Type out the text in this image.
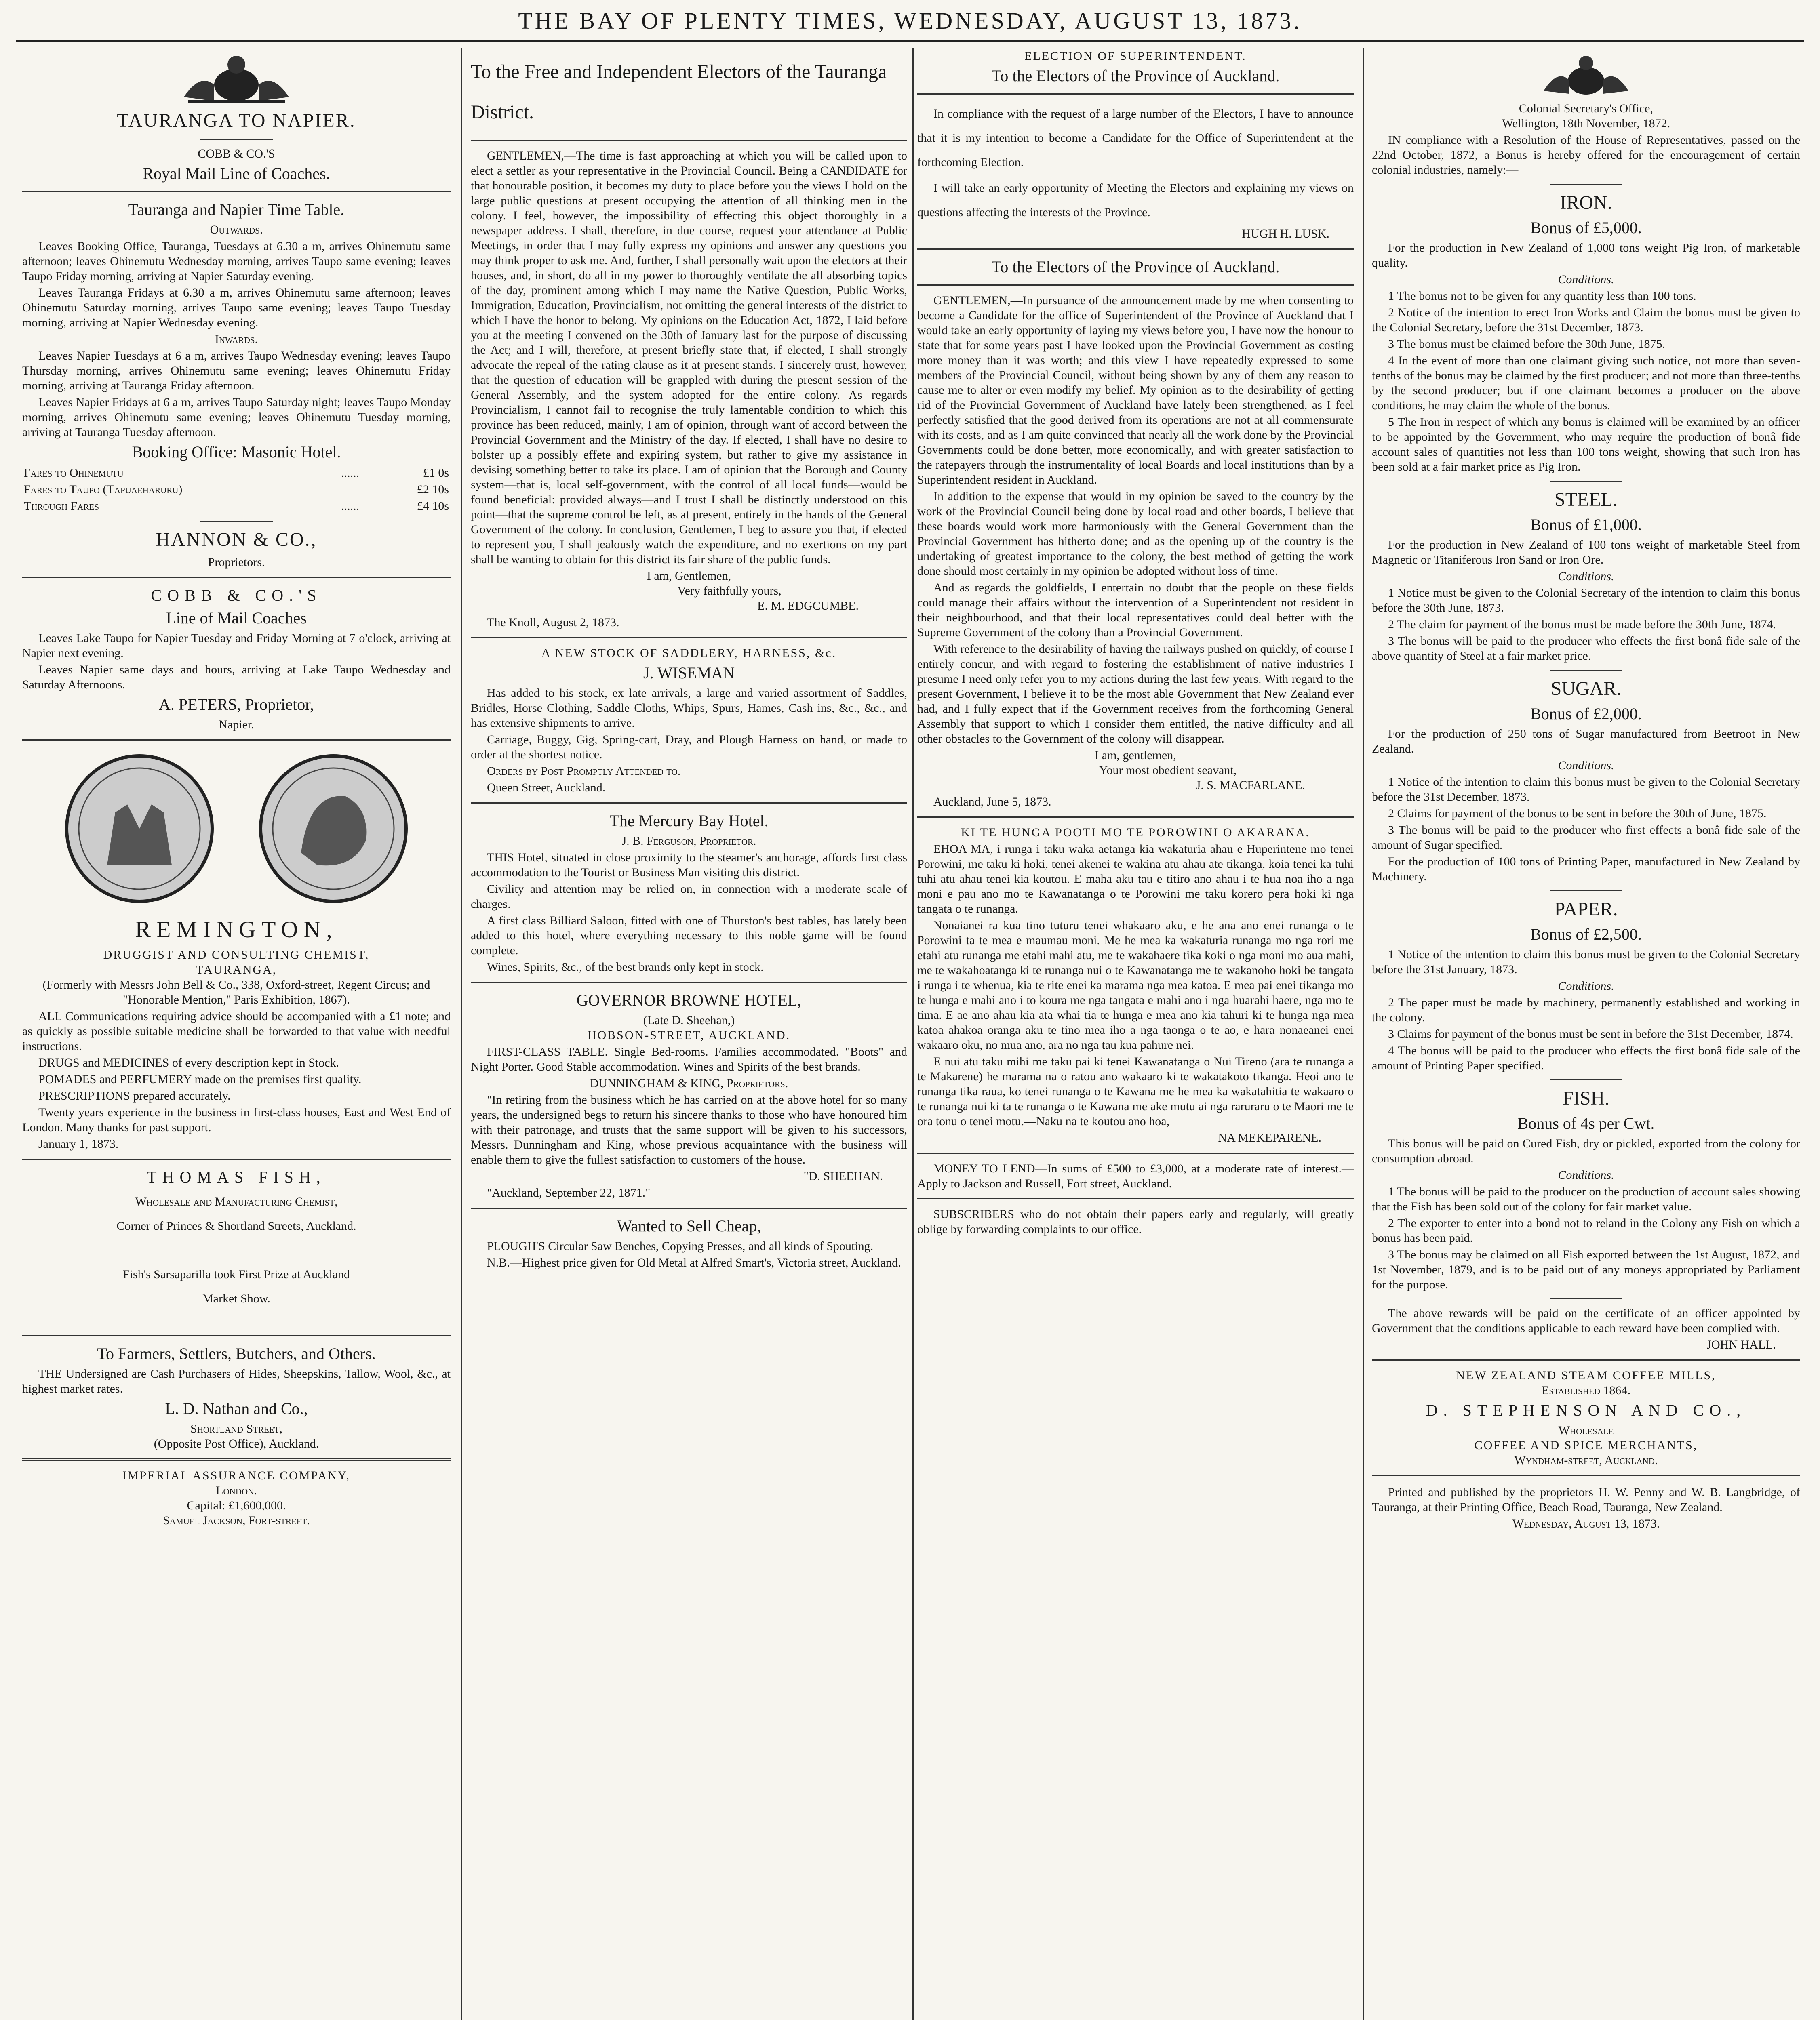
THE BAY OF PLENTY TIMES, WEDNESDAY, AUGUST 13, 1873.
TAURANGA TO NAPIER.
COBB & CO.'S
Royal Mail Line of Coaches.
Tauranga and Napier Time Table.
Outwards.

Leaves Booking Office, Tauranga, Tuesdays at 6.30 a m, arrives Ohinemutu same afternoon; leaves Ohinemutu Wednesday morning, arrives Taupo same evening; leaves Taupo Friday morning, arriving at Napier Saturday evening.

Leaves Tauranga Fridays at 6.30 a m, arrives Ohinemutu same afternoon; leaves Ohinemutu Saturday morning, arrives Taupo same evening; leaves Taupo Tuesday morning, arriving at Napier Wednesday evening.

Inwards.

Leaves Napier Tuesdays at 6 a m, arrives Taupo Wednesday evening; leaves Taupo Thursday morning, arrives Ohinemutu same evening; leaves Ohinemutu Friday morning, arriving at Tauranga Friday afternoon.

Leaves Napier Fridays at 6 a m, arrives Taupo Saturday night; leaves Taupo Monday morning, arrives Ohinemutu same evening; leaves Ohinemutu Tuesday morning, arriving at Tauranga Tuesday afternoon.

Booking Office: Masonic Hotel.
Fares to Ohinemutu	......	£1 0s
Fares to Taupo (Tapuaeharuru)		£2 10s
Through Fares	......	£4 10s
HANNON & CO.,
Proprietors.
COBB & CO.'S
Line of Mail Coaches

Leaves Lake Taupo for Napier Tuesday and Friday Morning at 7 o'clock, arriving at Napier next evening.

Leaves Napier same days and hours, arriving at Lake Taupo Wednesday and Saturday Afternoons.

A. PETERS, Proprietor,
Napier.
REMINGTON,
DRUGGIST AND CONSULTING CHEMIST,
TAURANGA,
(Formerly with Messrs John Bell & Co., 338, Oxford-street, Regent Circus; and "Honorable Mention," Paris Exhibition, 1867).

ALL Communications requiring advice should be accompanied with a £1 note; and as quickly as possible suitable medicine shall be forwarded to that value with needful instructions.

DRUGS and MEDICINES of every description kept in Stock.

POMADES and PERFUMERY made on the premises first quality.

PRESCRIPTIONS prepared accurately.

Twenty years experience in the business in first-class houses, East and West End of London. Many thanks for past support.

January 1, 1873.

THOMAS FISH,
Wholesale and Manufacturing Chemist,
Corner of Princes & Shortland Streets, Auckland.
Fish's Sarsaparilla took First Prize at Auckland
Market Show.
To Farmers, Settlers, Butchers, and Others.

THE Undersigned are Cash Purchasers of Hides, Sheepskins, Tallow, Wool, &c., at highest market rates.

L. D. Nathan and Co.,
Shortland Street,
(Opposite Post Office), Auckland.
IMPERIAL ASSURANCE COMPANY,
London.
Capital: £1,600,000.
Samuel Jackson, Fort-street.
To the Free and Independent Electors of the Tauranga District.

GENTLEMEN,—The time is fast approaching at which you will be called upon to elect a settler as your representative in the Provincial Council. Being a CANDIDATE for that honourable position, it becomes my duty to place before you the views I hold on the large public questions at present occupying the attention of all thinking men in the colony. I feel, however, the impossibility of effecting this object thoroughly in a newspaper address. I shall, therefore, in due course, request your attendance at Public Meetings, in order that I may fully express my opinions and answer any questions you may think proper to ask me. And, further, I shall personally wait upon the electors at their houses, and, in short, do all in my power to thoroughly ventilate the all absorbing topics of the day, prominent among which I may name the Native Question, Public Works, Immigration, Education, Provincialism, not omitting the general interests of the district to which I have the honor to belong. My opinions on the Education Act, 1872, I laid before you at the meeting I convened on the 30th of January last for the purpose of discussing the Act; and I will, therefore, at present briefly state that, if elected, I shall strongly advocate the repeal of the rating clause as it at present stands. I sincerely trust, however, that the question of education will be grappled with during the present session of the General Assembly, and the system adopted for the entire colony. As regards Provincialism, I cannot fail to recognise the truly lamentable condition to which this province has been reduced, mainly, I am of opinion, through want of accord between the Provincial Government and the Ministry of the day. If elected, I shall have no desire to bolster up a possibly effete and expiring system, but rather to give my assistance in devising something better to take its place. I am of opinion that the Borough and County system—that is, local self-government, with the control of all local funds—would be found beneficial: provided always—and I trust I shall be distinctly understood on this point—that the supreme control be left, as at present, entirely in the hands of the General Government of the colony. In conclusion, Gentlemen, I beg to assure you that, if elected to represent you, I shall jealously watch the expenditure, and no exertions on my part shall be wanting to obtain for this district its fair share of the public funds.

I am, Gentlemen,
Very faithfully yours,
E. M. EDGCUMBE.

The Knoll, August 2, 1873.

A NEW STOCK OF SADDLERY, HARNESS, &c.
J. WISEMAN

Has added to his stock, ex late arrivals, a large and varied assortment of Saddles, Bridles, Horse Clothing, Saddle Cloths, Whips, Spurs, Hames, Cash ins, &c., &c., and has extensive shipments to arrive.

Carriage, Buggy, Gig, Spring-cart, Dray, and Plough Harness on hand, or made to order at the shortest notice.

Orders by Post Promptly Attended to.

Queen Street, Auckland.

The Mercury Bay Hotel.
J. B. Ferguson, Proprietor.

THIS Hotel, situated in close proximity to the steamer's anchorage, affords first class accommodation to the Tourist or Business Man visiting this district.

Civility and attention may be relied on, in connection with a moderate scale of charges.

A first class Billiard Saloon, fitted with one of Thurston's best tables, has lately been added to this hotel, where everything necessary to this noble game will be found complete.

Wines, Spirits, &c., of the best brands only kept in stock.

GOVERNOR BROWNE HOTEL,
(Late D. Sheehan,)
HOBSON-STREET, AUCKLAND.

FIRST-CLASS TABLE. Single Bed-rooms. Families accommodated. "Boots" and Night Porter. Good Stable accommodation. Wines and Spirits of the best brands.

DUNNINGHAM & KING, Proprietors.

"In retiring from the business which he has carried on at the above hotel for so many years, the undersigned begs to return his sincere thanks to those who have honoured him with their patronage, and trusts that the same support will be given to his successors, Messrs. Dunningham and King, whose previous acquaintance with the business will enable them to give the fullest satisfaction to customers of the house.

"D. SHEEHAN.

"Auckland, September 22, 1871."

Wanted to Sell Cheap,

PLOUGH'S Circular Saw Benches, Copying Presses, and all kinds of Spouting.

N.B.—Highest price given for Old Metal at Alfred Smart's, Victoria street, Auckland.

ELECTION OF SUPERINTENDENT.
To the Electors of the Province of Auckland.

In compliance with the request of a large number of the Electors, I have to announce that it is my intention to become a Candidate for the Office of Superintendent at the forthcoming Election.

I will take an early opportunity of Meeting the Electors and explaining my views on questions affecting the interests of the Province.

HUGH H. LUSK.
To the Electors of the Province of Auckland.

GENTLEMEN,—In pursuance of the announcement made by me when consenting to become a Candidate for the office of Superintendent of the Province of Auckland that I would take an early opportunity of laying my views before you, I have now the honour to state that for some years past I have looked upon the Provincial Government as costing more money than it was worth; and this view I have repeatedly expressed to some members of the Provincial Council, without being shown by any of them any reason to cause me to alter or even modify my belief. My opinion as to the desirability of getting rid of the Provincial Government of Auckland have lately been strengthened, as I feel perfectly satisfied that the good derived from its operations are not at all commensurate with its costs, and as I am quite convinced that nearly all the work done by the Provincial Governments could be done better, more economically, and with greater satisfaction to the ratepayers through the instrumentality of local Boards and local institutions than by a Superintendent resident in Auckland.

In addition to the expense that would in my opinion be saved to the country by the work of the Provincial Council being done by local road and other boards, I believe that these boards would work more harmoniously with the General Government than the Provincial Government has hitherto done; and as the opening up of the country is the undertaking of greatest importance to the colony, the best method of getting the work done should most certainly in my opinion be adopted without loss of time.

And as regards the goldfields, I entertain no doubt that the people on these fields could manage their affairs without the intervention of a Superintendent not resident in their neighbourhood, and that their local representatives could deal better with the Supreme Government of the colony than a Provincial Government.

With reference to the desirability of having the railways pushed on quickly, of course I entirely concur, and with regard to fostering the establishment of native industries I presume I need only refer you to my actions during the last few years. With regard to the present Government, I believe it to be the most able Government that New Zealand ever had, and I fully expect that if the Government receives from the forthcoming General Assembly that support to which I consider them entitled, the native difficulty and all other obstacles to the Government of the colony will disappear.

I am, gentlemen,
Your most obedient seavant,
J. S. MACFARLANE.

Auckland, June 5, 1873.

KI TE HUNGA POOTI MO TE POROWINI O AKARANA.

EHOA MA, i runga i taku waka aetanga kia wakaturia ahau e Huperintene mo tenei Porowini, me taku ki hoki, tenei akenei te wakina atu ahau ate tikanga, koia tenei ka tuhi tuhi atu ahau tenei kia koutou. E maha aku tau e titiro ano ahau i te hua noa iho a nga moni e pau ano mo te Kawanatanga o te Porowini me taku korero pera hoki ki nga tangata o te runanga.

Nonaianei ra kua tino tuturu tenei whakaaro aku, e he ana ano enei runanga o te Porowini ta te mea e maumau moni. Me he mea ka wakaturia runanga mo nga rori me etahi atu runanga me etahi mahi atu, me te wakahaere tika koki o nga moni mo aua mahi, me te wakahoatanga ki te runanga nui o te Kawanatanga me te wakanoho hoki be tangata i runga i te whenua, kia te rite enei ka marama nga mea katoa. E mea pai enei tikanga mo te hunga e mahi ano i to koura me nga tangata e mahi ano i nga huarahi haere, nga mo te tima. E ae ano ahau kia ata whai tia te hunga e mea ano kia tahuri ki te hunga nga mea katoa ahakoa oranga aku te tino mea iho a nga taonga o te ao, e hara nonaeanei enei wakaaro oku, no mua ano, ara no nga tau kua pahure nei.

E nui atu taku mihi me taku pai ki tenei Kawanatanga o Nui Tireno (ara te runanga a te Makarene) he marama na o ratou ano wakaaro ki te wakatakoto tikanga. Heoi ano te runanga tika raua, ko tenei runanga o te Kawana me he mea ka wakatahitia te wakaaro o te runanga nui ki ta te runanga o te Kawana me ake mutu ai nga raruraru o te Maori me te ora tonu o tenei motu.—Naku na te koutou ano hoa,

NA MEKEPARENE.

MONEY TO LEND—In sums of £500 to £3,000, at a moderate rate of interest.—Apply to Jackson and Russell, Fort street, Auckland.

SUBSCRIBERS who do not obtain their papers early and regularly, will greatly oblige by forwarding complaints to our office.

Colonial Secretary's Office,
Wellington, 18th November, 1872.

IN compliance with a Resolution of the House of Representatives, passed on the 22nd October, 1872, a Bonus is hereby offered for the encouragement of certain colonial industries, namely:—

IRON.
Bonus of £5,000.

For the production in New Zealand of 1,000 tons weight Pig Iron, of marketable quality.

Conditions.

1 The bonus not to be given for any quantity less than 100 tons.

2 Notice of the intention to erect Iron Works and Claim the bonus must be given to the Colonial Secretary, before the 31st December, 1873.

3 The bonus must be claimed before the 30th June, 1875.

4 In the event of more than one claimant giving such notice, not more than seven-tenths of the bonus may be claimed by the first producer; and not more than three-tenths by the second producer; but if one claimant becomes a producer on the above conditions, he may claim the whole of the bonus.

5 The Iron in respect of which any bonus is claimed will be examined by an officer to be appointed by the Government, who may require the production of bonâ fide account sales of quantities not less than 100 tons weight, showing that such Iron has been sold at a fair market price as Pig Iron.

STEEL.
Bonus of £1,000.

For the production in New Zealand of 100 tons weight of marketable Steel from Magnetic or Titaniferous Iron Sand or Iron Ore.

Conditions.

1 Notice must be given to the Colonial Secretary of the intention to claim this bonus before the 30th June, 1873.

2 The claim for payment of the bonus must be made before the 30th June, 1874.

3 The bonus will be paid to the producer who effects the first bonâ fide sale of the above quantity of Steel at a fair market price.

SUGAR.
Bonus of £2,000.

For the production of 250 tons of Sugar manufactured from Beetroot in New Zealand.

Conditions.

1 Notice of the intention to claim this bonus must be given to the Colonial Secretary before the 31st December, 1873.

2 Claims for payment of the bonus to be sent in before the 30th of June, 1875.

3 The bonus will be paid to the producer who first effects a bonâ fide sale of the amount of Sugar specified.

For the production of 100 tons of Printing Paper, manufactured in New Zealand by Machinery.

PAPER.
Bonus of £2,500.

1 Notice of the intention to claim this bonus must be given to the Colonial Secretary before the 31st January, 1873.

Conditions.

2 The paper must be made by machinery, permanently established and working in the colony.

3 Claims for payment of the bonus must be sent in before the 31st December, 1874.

4 The bonus will be paid to the producer who effects the first bonâ fide sale of the amount of Printing Paper specified.

FISH.
Bonus of 4s per Cwt.

This bonus will be paid on Cured Fish, dry or pickled, exported from the colony for consumption abroad.

Conditions.

1 The bonus will be paid to the producer on the production of account sales showing that the Fish has been sold out of the colony for fair market value.

2 The exporter to enter into a bond not to reland in the Colony any Fish on which a bonus has been paid.

3 The bonus may be claimed on all Fish exported between the 1st August, 1872, and 1st November, 1879, and is to be paid out of any moneys appropriated by Parliament for the purpose.

The above rewards will be paid on the certificate of an officer appointed by Government that the conditions applicable to each reward have been complied with.

JOHN HALL.
NEW ZEALAND STEAM COFFEE MILLS,
Established 1864.
D. STEPHENSON AND CO.,
Wholesale
COFFEE AND SPICE MERCHANTS,
Wyndham-street, Auckland.

Printed and published by the proprietors H. W. Penny and W. B. Langbridge, of Tauranga, at their Printing Office, Beach Road, Tauranga, New Zealand.

Wednesday, August 13, 1873.
